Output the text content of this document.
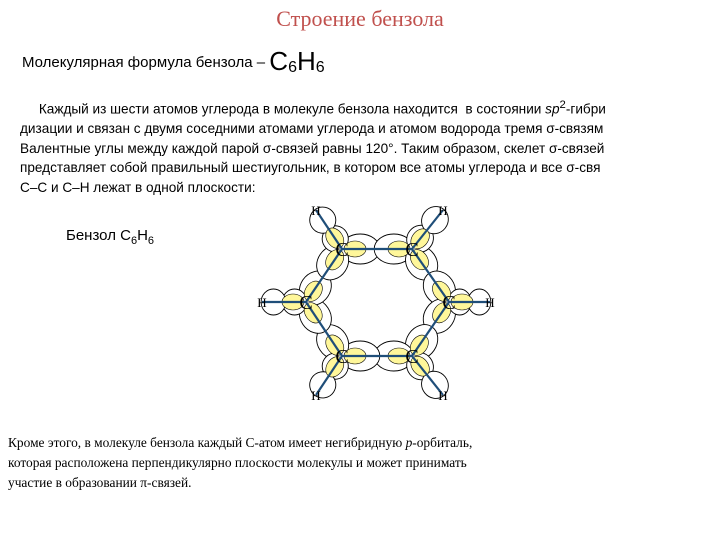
Строение бензола
Молекулярная формула бензола – $C_6H_6$
Каждый из шести атомов углерода в молекуле бензола находится  в состоянии $sp^2$-гибри
дизации и связан с двумя соседними атомами углерода и атомом водорода тремя σ-связям
Валентные углы между каждой парой σ-связей равны 120°. Таким образом, скелет σ-связей
представляет собой правильный шестиугольник, в котором все атомы углерода и все σ-свя
С–С и С–Н лежат в одной плоскости:
Бензол $C_6H_6$	C	C
C
C
C
C
H	H
H
H
H
H
Кроме этого, в молекуле бензола каждый С-атом имеет негибридную р-орбиталь,
которая расположена перпендикулярно плоскости молекулы и может принимать
участие в образовании π-связей.
